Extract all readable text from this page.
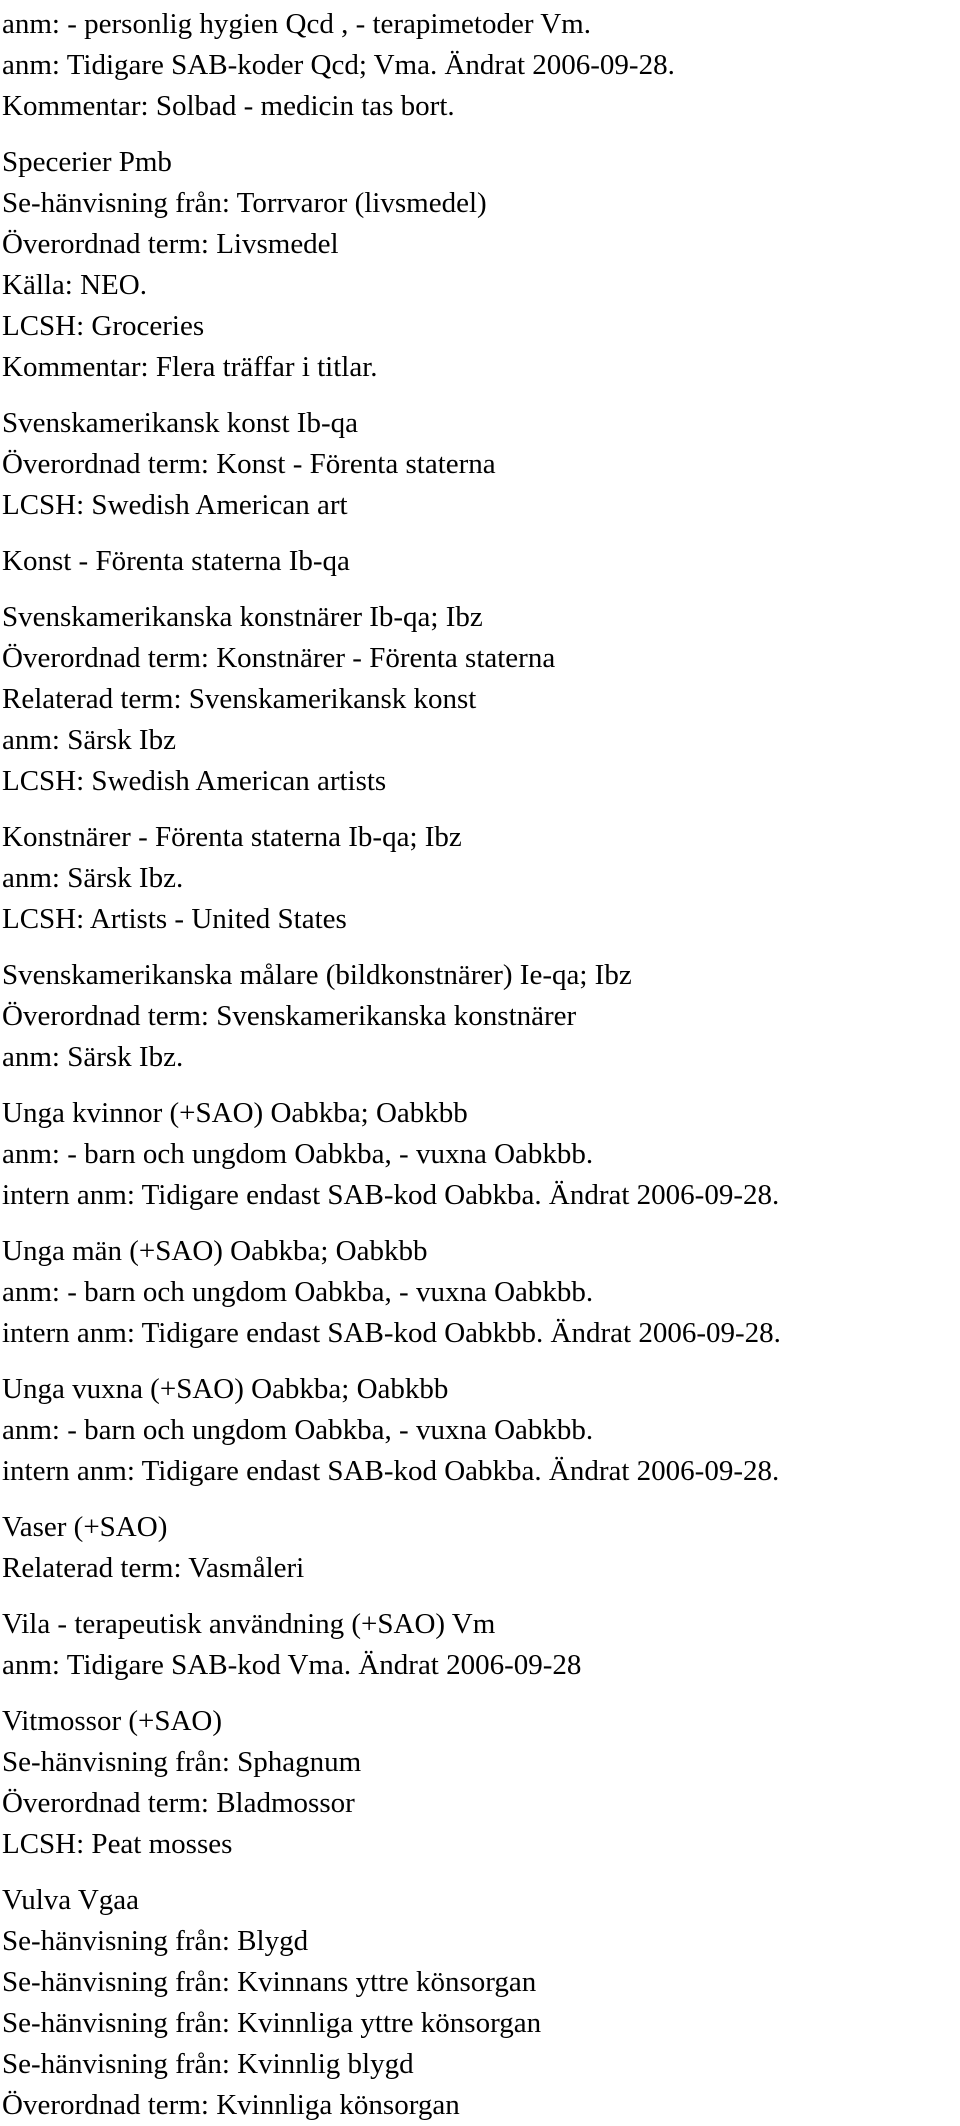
anm: - personlig hygien Qcd , - terapimetoder Vm.
anm: Tidigare SAB-koder Qcd; Vma. Ändrat 2006-09-28.
Kommentar: Solbad - medicin tas bort.
Specerier Pmb
Se-hänvisning från: Torrvaror (livsmedel)
Överordnad term: Livsmedel
Källa: NEO.
LCSH: Groceries
Kommentar: Flera träffar i titlar.
Svenskamerikansk konst Ib-qa
Överordnad term: Konst - Förenta staterna
LCSH: Swedish American art
Konst - Förenta staterna Ib-qa
Svenskamerikanska konstnärer Ib-qa; Ibz
Överordnad term: Konstnärer - Förenta staterna
Relaterad term: Svenskamerikansk konst
anm: Särsk Ibz
LCSH: Swedish American artists
Konstnärer - Förenta staterna Ib-qa; Ibz
anm: Särsk Ibz.
LCSH: Artists - United States
Svenskamerikanska målare (bildkonstnärer) Ie-qa; Ibz
Överordnad term: Svenskamerikanska konstnärer
anm: Särsk Ibz.
Unga kvinnor (+SAO) Oabkba; Oabkbb
anm: - barn och ungdom Oabkba, - vuxna Oabkbb.
intern anm: Tidigare endast SAB-kod Oabkba. Ändrat 2006-09-28.
Unga män (+SAO) Oabkba; Oabkbb
anm: - barn och ungdom Oabkba, - vuxna Oabkbb.
intern anm: Tidigare endast SAB-kod Oabkbb. Ändrat 2006-09-28.
Unga vuxna (+SAO) Oabkba; Oabkbb
anm: - barn och ungdom Oabkba, - vuxna Oabkbb.
intern anm: Tidigare endast SAB-kod Oabkba. Ändrat 2006-09-28.
Vaser (+SAO)
Relaterad term: Vasmåleri
Vila - terapeutisk användning (+SAO) Vm
anm: Tidigare SAB-kod Vma. Ändrat 2006-09-28
Vitmossor (+SAO)
Se-hänvisning från: Sphagnum
Överordnad term: Bladmossor
LCSH: Peat mosses
Vulva Vgaa
Se-hänvisning från: Blygd
Se-hänvisning från: Kvinnans yttre könsorgan
Se-hänvisning från: Kvinnliga yttre könsorgan
Se-hänvisning från: Kvinnlig blygd
Överordnad term: Kvinnliga könsorgan
